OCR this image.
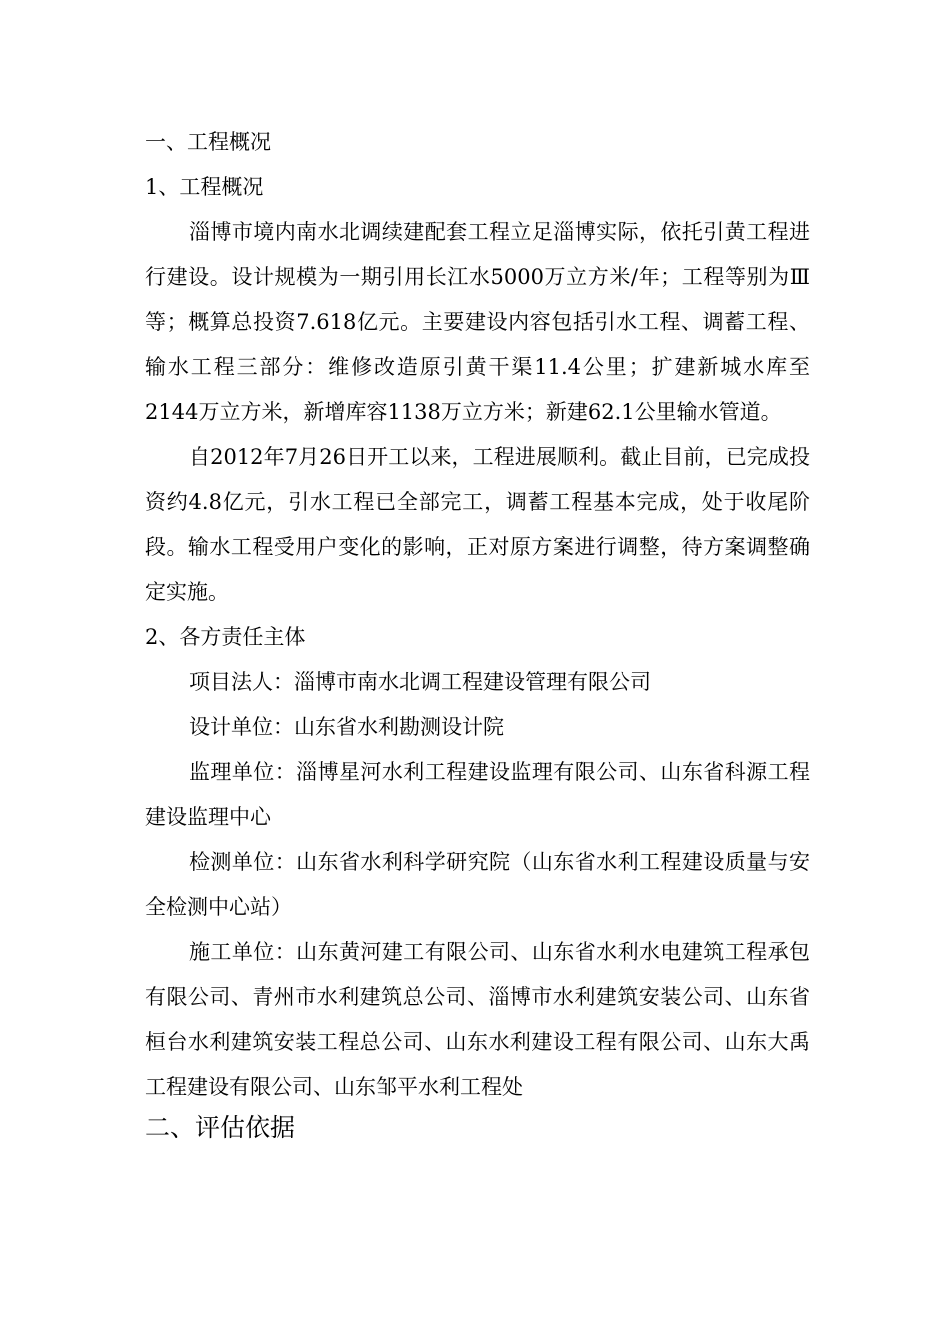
一、工程概况

1、工程概况

淄博市境内南水北调续建配套工程立足淄博实际，依托引黄工程进行建设。设计规模为一期引用长江水5000万立方米/年；工程等别为Ⅲ等；概算总投资7.618亿元。主要建设内容包括引水工程、调蓄工程、输水工程三部分：维修改造原引黄干渠11.4公里；扩建新城水库至2144万立方米，新增库容1138万立方米；新建62.1公里输水管道。

自2012年7月26日开工以来，工程进展顺利。截止目前，已完成投资约4.8亿元，引水工程已全部完工，调蓄工程基本完成，处于收尾阶段。输水工程受用户变化的影响，正对原方案进行调整，待方案调整确定实施。

2、各方责任主体

项目法人：淄博市南水北调工程建设管理有限公司

设计单位：山东省水利勘测设计院

监理单位：淄博星河水利工程建设监理有限公司、山东省科源工程建设监理中心

检测单位：山东省水利科学研究院（山东省水利工程建设质量与安全检测中心站）

施工单位：山东黄河建工有限公司、山东省水利水电建筑工程承包有限公司、青州市水利建筑总公司、淄博市水利建筑安装公司、山东省桓台水利建筑安装工程总公司、山东水利建设工程有限公司、山东大禹工程建设有限公司、山东邹平水利工程处

二、评估依据
